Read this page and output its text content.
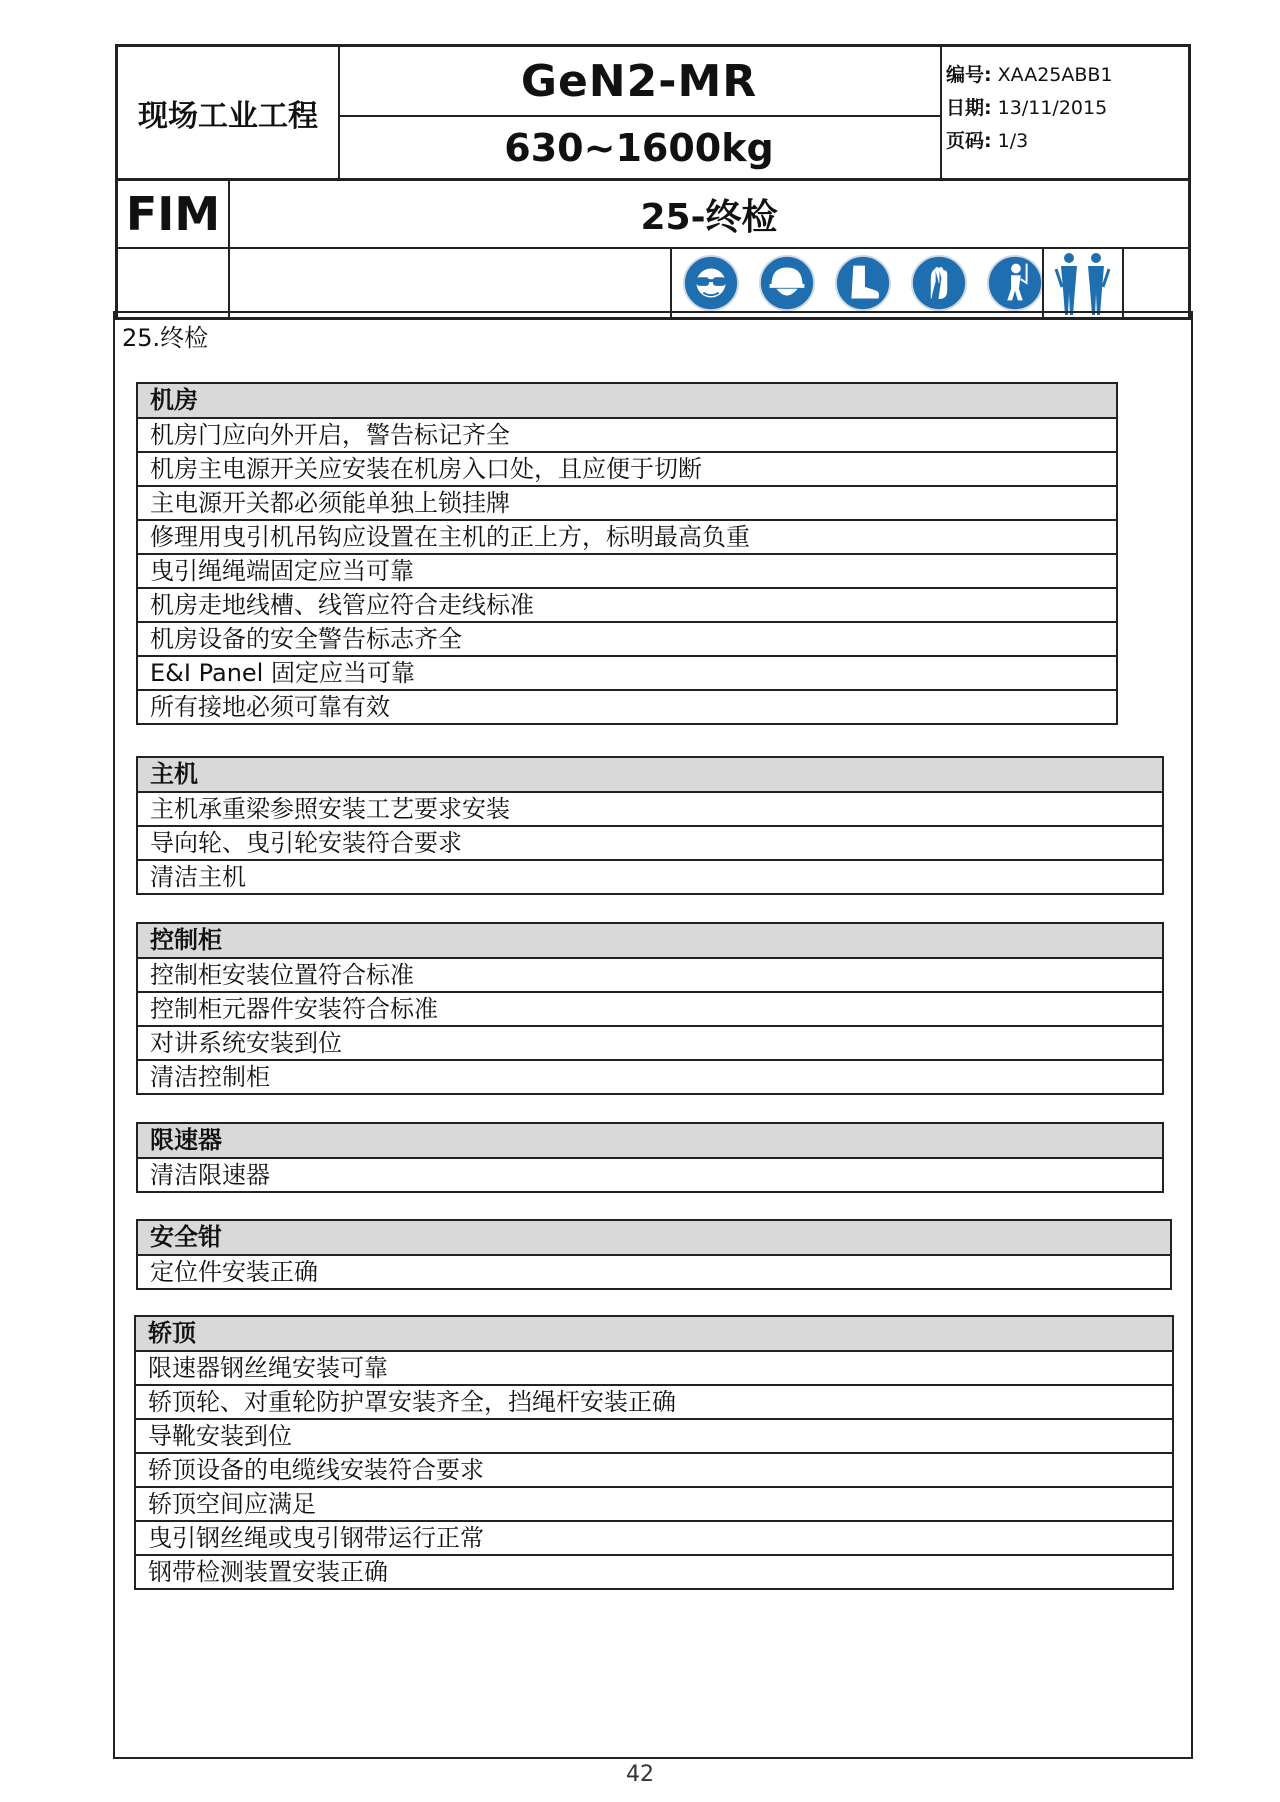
现场工业工程
GeN2-MR
630~1600kg
编号: XAA25ABB1
日期: 13/11/2015
页码: 1/3
FIM	25-终检
25.终检
机房
机房门应向外开启，警告标记齐全
机房主电源开关应安装在机房入口处，且应便于切断
主电源开关都必须能单独上锁挂牌
修理用曳引机吊钩应设置在主机的正上方，标明最高负重
曳引绳绳端固定应当可靠
机房走地线槽、线管应符合走线标准
机房设备的安全警告标志齐全
E&I Panel 固定应当可靠
所有接地必须可靠有效
主机
主机承重梁参照安装工艺要求安装
导向轮、曳引轮安装符合要求
清洁主机
控制柜
控制柜安装位置符合标准
控制柜元器件安装符合标准
对讲系统安装到位
清洁控制柜
限速器
清洁限速器
安全钳
定位件安装正确
轿顶
限速器钢丝绳安装可靠
轿顶轮、对重轮防护罩安装齐全，挡绳杆安装正确
导靴安装到位
轿顶设备的电缆线安装符合要求
轿顶空间应满足
曳引钢丝绳或曳引钢带运行正常
钢带检测装置安装正确
42
